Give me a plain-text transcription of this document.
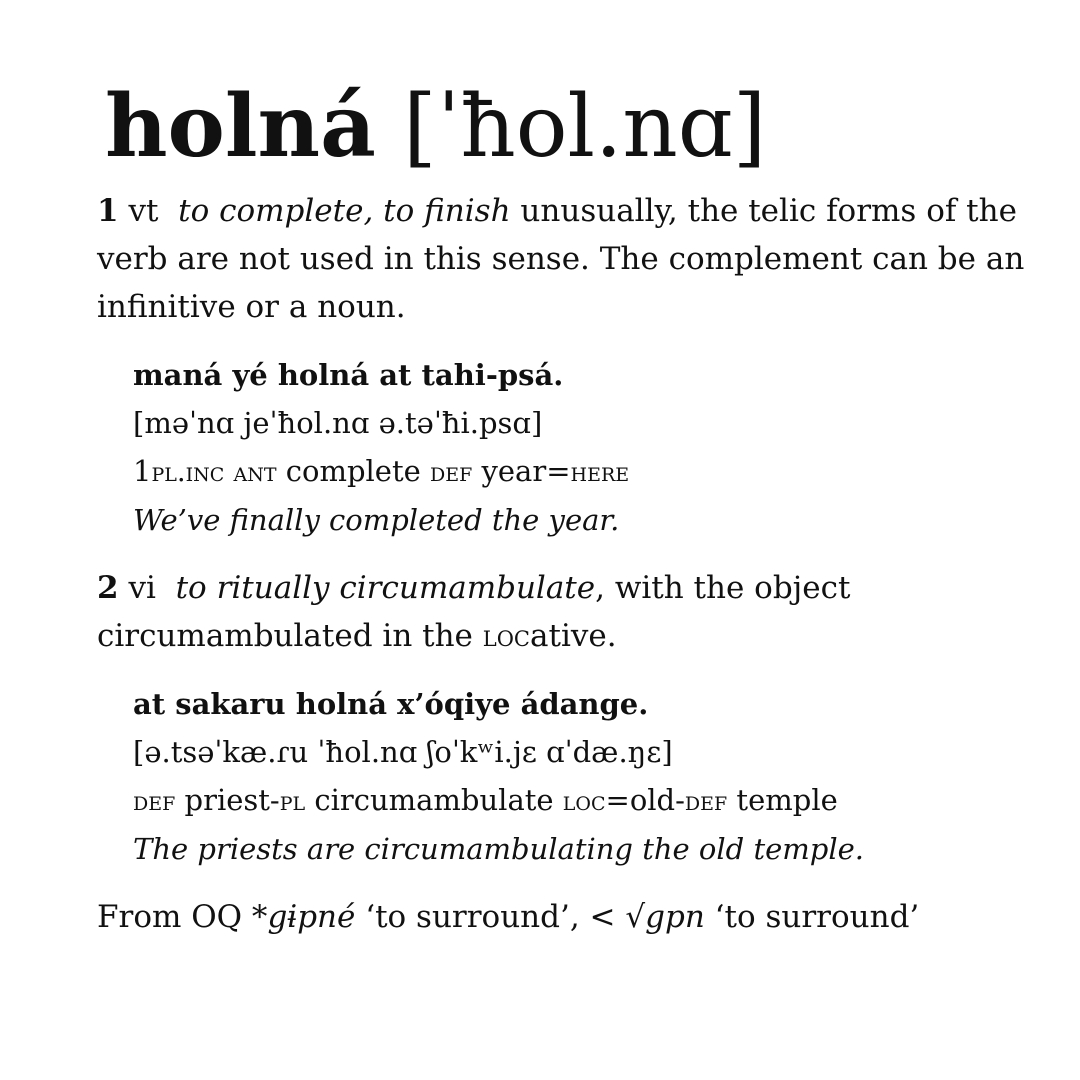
holná [ˈħol.nɑ]
1 vt to complete, to finish unusually, the telic forms of the verb are not used in this sense. The complement can be an infinitive or a noun.
maná yé holná at tahi-psá.
[məˈnɑ jeˈħol.nɑ ə.təˈħi.psɑ]
1pl.inc ant complete def year=here
We’ve finally completed the year.
2 vi to ritually circumambulate, with the object circumambulated in the locative.
at sakaru holná x’óqiye ádange.
[ə.tsəˈkæ.ɾu ˈħol.nɑ ʃoˈkʷi.jɛ ɑˈdæ.ŋɛ]
def priest-pl circumambulate loc=old-def temple
The priests are circumambulating the old temple.
From OQ *gɨpné ‘to surround’, < √gpn ‘to surround’
